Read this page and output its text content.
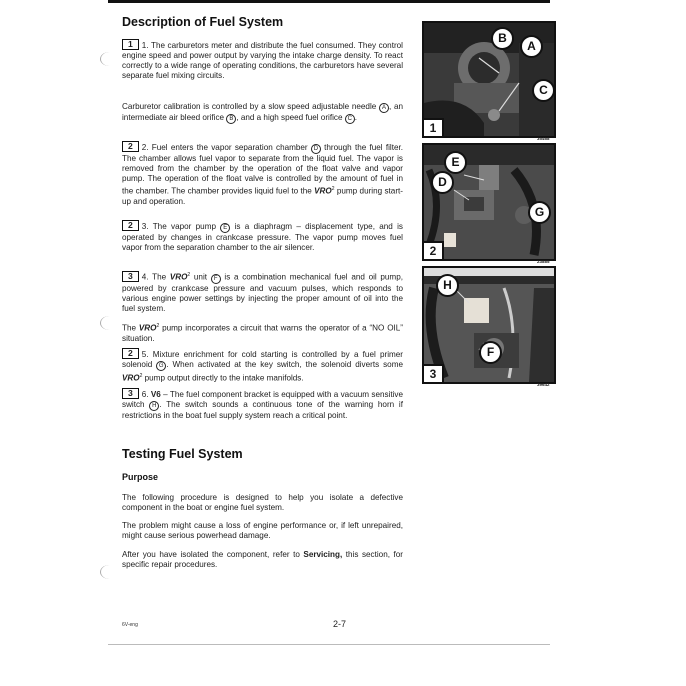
Description of Fuel System

1 1. The carburetors meter and distribute the fuel consumed. They control engine speed and power output by varying the intake charge density. To react correctly to a wide range of operating conditions, the carburetors have several separate fuel mixing circuits.

Carburetor calibration is controlled by a slow speed adjustable needle A , an intermediate air bleed orifice B , and a high speed fuel orifice C .

2 2. Fuel enters the vapor separation chamber D through the fuel filter. The chamber allows fuel vapor to separate from the liquid fuel. The vapor is removed from the chamber by the operation of the float valve and vapor pump. The operation of the float valve is controlled by the amount of fuel in the chamber. The chamber provides liquid fuel to the VRO$^2$ pump during start-up and operation.

2 3. The vapor pump E is a diaphragm – displacement type, and is operated by changes in crankcase pressure. The vapor pump moves fuel vapor from the separation chamber to the air silencer.

3 4. The VRO$^2$ unit F is a combination mechanical fuel and oil pump, powered by crankcase pressure and vacuum pulses, which responds to various engine power settings by injecting the proper amount of oil into the fuel system.

The VRO$^2$ pump incorporates a circuit that warns the operator of a “NO OIL” situation.

2 5. Mixture enrichment for cold starting is controlled by a fuel primer solenoid G . When activated at the key switch, the solenoid diverts some VRO$^2$ pump output directly to the intake manifolds.

3 6. V6 – The fuel component bracket is equipped with a vacuum sensitive switch H . The switch sounds a continuous tone of the warning horn if restrictions in the boat fuel supply system reach a critical point.

Testing Fuel System
Purpose

The following procedure is designed to help you isolate a defective component in the boat or engine fuel system.

The problem might cause a loss of engine performance or, if left unrepaired, might cause serious powerhead damage.

After you have isolated the component, refer to Servicing, this section, for specific repair procedures.

B
A
C
1
35468
E
D
G
2
23885
H
F
3
39642
6V-eng	2-7
